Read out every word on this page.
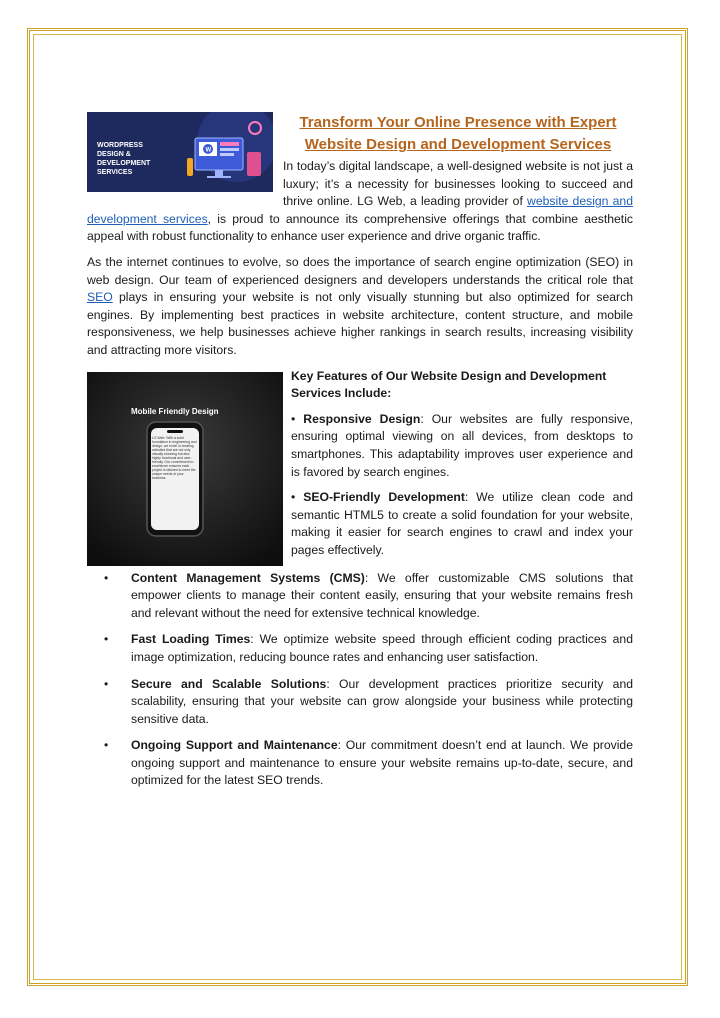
WORDPRESS
DESIGN &
DEVELOPMENT
SERVICES
W
Transform Your Online Presence with Expert
Website Design and Development Services

In today’s digital landscape, a well-designed website is not just a luxury; it’s a necessity for businesses looking to succeed and thrive online. LG Web, a leading provider of website design and development services, is proud to announce its comprehensive offerings that combine aesthetic appeal with robust functionality to enhance user experience and drive organic traffic.

As the internet continues to evolve, so does the importance of search engine optimization (SEO) in web design. Our team of experienced designers and developers understands the critical role that SEO plays in ensuring your website is not only visually stunning but also optimized for search engines. By implementing best practices in website architecture, content structure, and mobile responsiveness, we help businesses achieve higher rankings in search results, increasing visibility and attracting more visitors.

Mobile Friendly Design
LG Web: With a solid foundation in engineering and design, we excel in creating websites that are not only visually stunning but also highly functional and user-friendly. Our commitment to excellence ensures each project is tailored to meet the unique needs of your business.
Key Features of Our Website Design and Development Services Include:
• Responsive Design: Our websites are fully responsive, ensuring optimal viewing on all devices, from desktops to smartphones. This adaptability improves user experience and is favored by search engines.
• SEO-Friendly Development: We utilize clean code and semantic HTML5 to create a solid foundation for your website, making it easier for search engines to crawl and index your pages effectively.
• Content Management Systems (CMS): We offer customizable CMS solutions that empower clients to manage their content easily, ensuring that your website remains fresh and relevant without the need for extensive technical knowledge.
• Fast Loading Times: We optimize website speed through efficient coding practices and image optimization, reducing bounce rates and enhancing user satisfaction.
• Secure and Scalable Solutions: Our development practices prioritize security and scalability, ensuring that your website can grow alongside your business while protecting sensitive data.
• Ongoing Support and Maintenance: Our commitment doesn’t end at launch. We provide ongoing support and maintenance to ensure your website remains up-to-date, secure, and optimized for the latest SEO trends.
